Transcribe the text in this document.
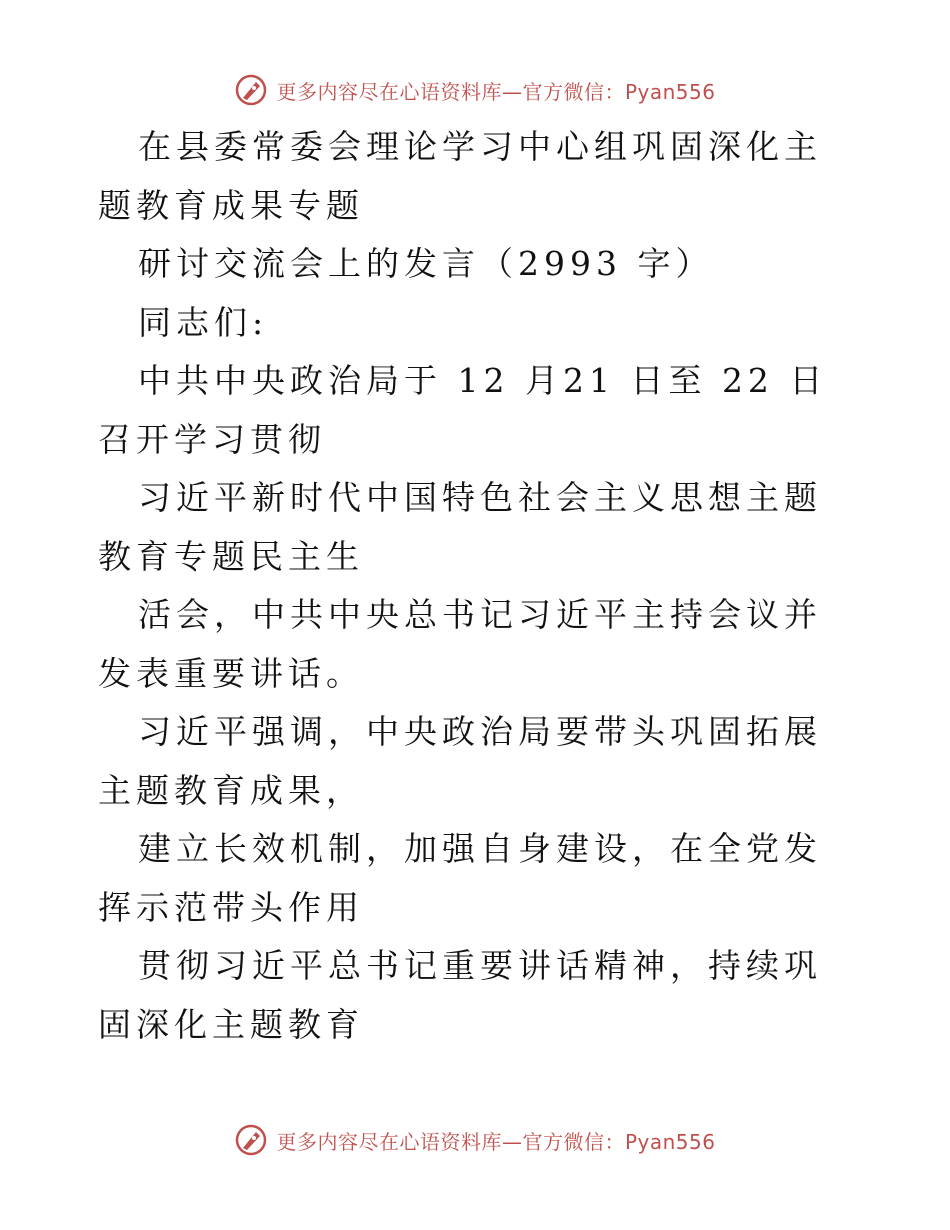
更多内容尽在心语资料库—官方微信：Pyan556

在县委常委会理论学习中心组巩固深化主题教育成果专题

研讨交流会上的发言（2993 字）

同志们:

中共中央政治局于 12 月21 日至 22 日召开学习贯彻

习近平新时代中国特色社会主义思想主题教育专题民主生

活会，中共中央总书记习近平主持会议并发表重要讲话。

习近平强调，中央政治局要带头巩固拓展主题教育成果，

建立长效机制，加强自身建设，在全党发挥示范带头作用

贯彻习近平总书记重要讲话精神，持续巩固深化主题教育

更多内容尽在心语资料库—官方微信：Pyan556
